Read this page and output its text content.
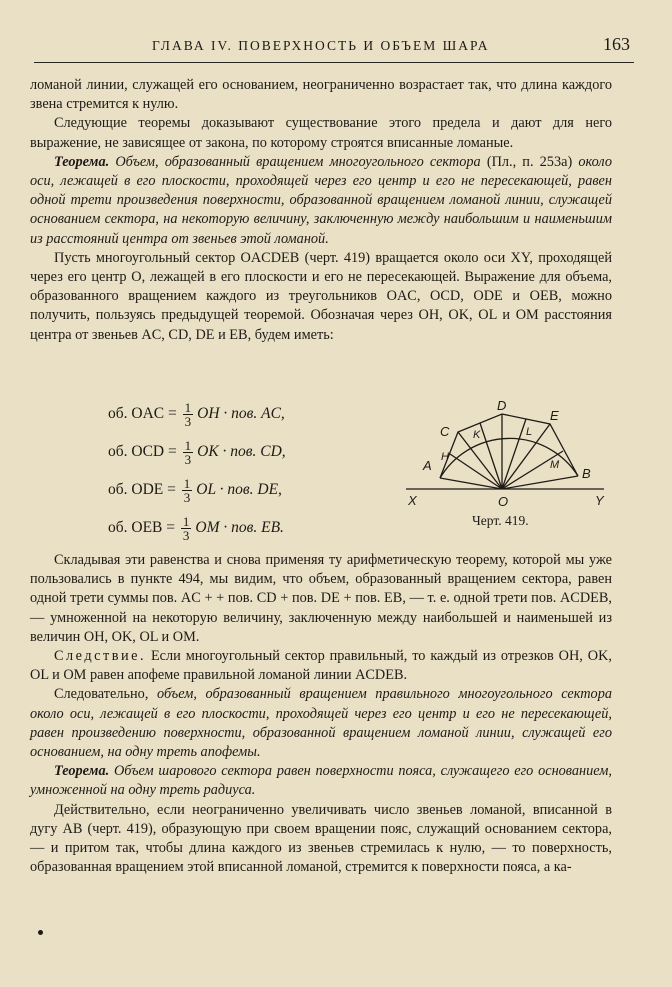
ГЛАВА IV. ПОВЕРХНОСТЬ И ОБЪЕМ ШАРА	163

ломаной линии, служащей его основанием, неограниченно возрастает так, что длина каждого звена стремится к нулю.

Следующие теоремы доказывают существование этого предела и дают для него выражение, не зависящее от закона, по которому строятся вписанные ломаные.

Теорема. Объем, образованный вращением многоугольного сектора (Пл., п. 253а) около оси, лежащей в его плоскости, проходящей через его центр и его не пересекающей, равен одной трети произведения поверхности, образованной вращением ломаной линии, служащей основанием сектора, на некоторую величину, заключенную между наибольшим и наименьшим из расстояний центра от звеньев этой ломаной.

Пусть многоугольный сектор OACDEB (черт. 419) вращается около оси XY, проходящей через его центр O, лежащей в его плоскости и его не пересекающей. Выражение для объема, образованного вращением каждого из треугольников OAC, OCD, ODE и OEB, можно получить, пользуясь предыдущей теоремой. Обозначая через OH, OK, OL и OM расстояния центра от звеньев AC, CD, DE и EB, будем иметь:

об. OAC = $\frac{1}{3}$ OH · пов. AC,
об. OCD = $\frac{1}{3}$ OK · пов. CD,
об. ODE = $\frac{1}{3}$ OL · пов. DE,
об. OEB = $\frac{1}{3}$ OM · пов. EB.
D
C
E
A
B
X	O	Y
H
K	L
M
Черт. 419.

Складывая эти равенства и снова применяя ту арифметическую теорему, которой мы уже пользовались в пункте 494, мы видим, что объем, образованный вращением сектора, равен одной трети суммы пов. AC + + пов. CD + пов. DE + пов. EB, — т. е. одной трети пов. ACDEB, — умноженной на некоторую величину, заключенную между наибольшей и наименьшей из величин OH, OK, OL и OM.

Следствие. Если многоугольный сектор правильный, то каждый из отрезков OH, OK, OL и OM равен апофеме правильной ломаной линии ACDEB.

Следовательно, объем, образованный вращением правильного многоугольного сектора около оси, лежащей в его плоскости, проходящей через его центр и его не пересекающей, равен произведению поверхности, образованной вращением ломаной линии, служащей его основанием, на одну треть апофемы.

Теорема. Объем шарового сектора равен поверхности пояса, служащего его основанием, умноженной на одну треть радиуса.

Действительно, если неограниченно увеличивать число звеньев ломаной, вписанной в дугу AB (черт. 419), образующую при своем вращении пояс, служащий основанием сектора, — и притом так, чтобы длина каждого из звеньев стремилась к нулю, — то поверхность, образованная вращением этой вписанной ломаной, стремится к поверхности пояса, а ка-
